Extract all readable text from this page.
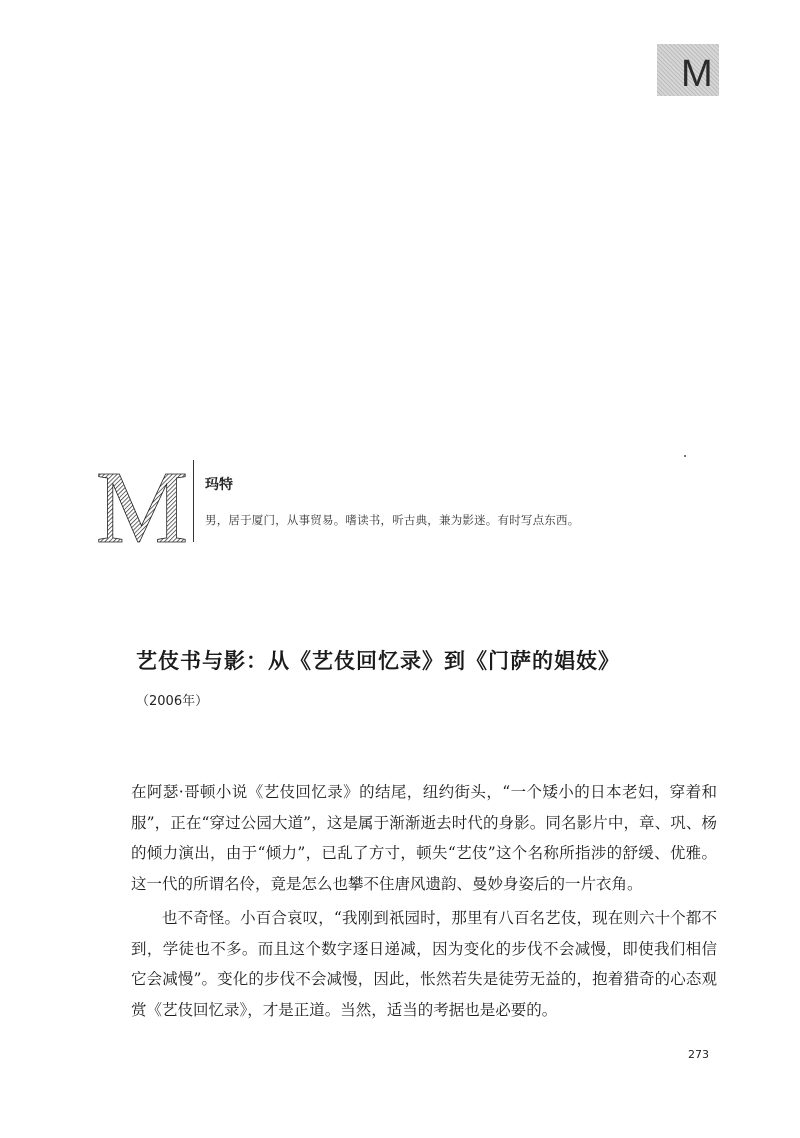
M
M 玛特
男，居于厦门，从事贸易。嗜读书，听古典，兼为影迷。有时写点东西。
艺伎书与影：从《艺伎回忆录》到《门萨的娼妓》
（2006年）

在阿瑟·哥顿小说《艺伎回忆录》的结尾，纽约街头，“一个矮小的日本老妇，穿着和服”，正在“穿过公园大道”，这是属于渐渐逝去时代的身影。同名影片中，章、巩、杨的倾力演出，由于“倾力”，已乱了方寸，顿失“艺伎”这个名称所指涉的舒缓、优雅。这一代的所谓名伶，竟是怎么也攀不住唐风遗韵、曼妙身姿后的一片衣角。

也不奇怪。小百合哀叹，“我刚到祇园时，那里有八百名艺伎，现在则六十个都不到，学徒也不多。而且这个数字逐日递减，因为变化的步伐不会减慢，即使我们相信它会减慢”。变化的步伐不会减慢，因此，怅然若失是徒劳无益的，抱着猎奇的心态观赏《艺伎回忆录》，才是正道。当然，适当的考据也是必要的。

273
